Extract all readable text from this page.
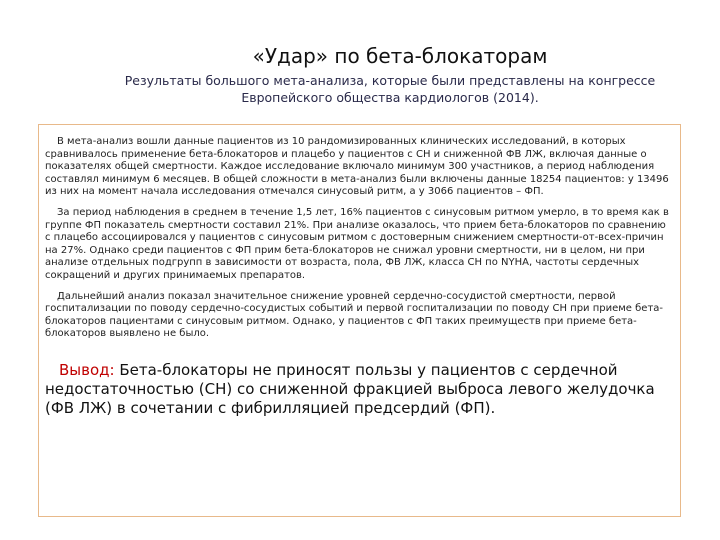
«Удар» по бета-блокаторам

Результаты большого мета-анализа, которые были представлены на конгрессе Европейского общества кардиологов (2014).

В мета-анализ вошли данные пациентов из 10 рандомизированных клинических исследований, в которых сравнивалось применение бета-блокаторов и плацебо у пациентов с СН и сниженной ФВ ЛЖ, включая данные о показателях общей смертности. Каждое исследование включало минимум 300 участников, а период наблюдения составлял минимум 6 месяцев. В общей сложности в мета-анализ были включены данные 18254 пациентов: у 13496 из них на момент начала исследования отмечался синусовый ритм, а у 3066 пациентов – ФП.

За период наблюдения в среднем в течение 1,5 лет, 16% пациентов с синусовым ритмом умерло, в то время как в группе ФП показатель смертности составил 21%. При анализе оказалось, что прием бета-блокаторов по сравнению с плацебо ассоциировался у пациентов с синусовым ритмом с достоверным снижением смертности-от-всех-причин на 27%. Однако среди пациентов с ФП прим бета-блокаторов не снижал уровни смертности, ни в целом, ни при анализе отдельных подгрупп в зависимости от возраста, пола, ФВ ЛЖ, класса СН по NYHA, частоты сердечных сокращений и других принимаемых препаратов.

Дальнейший анализ показал значительное снижение уровней сердечно-сосудистой смертности, первой госпитализации по поводу сердечно-сосудистых событий и первой госпитализации по поводу СН при приеме бета-блокаторов пациентами с синусовым ритмом. Однако, у пациентов с ФП таких преимуществ при приеме бета-блокаторов выявлено не было.

Вывод: Бета-блокаторы не приносят пользы у пациентов с сердечной недостаточностью (СН) со сниженной фракцией выброса левого желудочка (ФВ ЛЖ) в сочетании с фибрилляцией предсердий (ФП).
